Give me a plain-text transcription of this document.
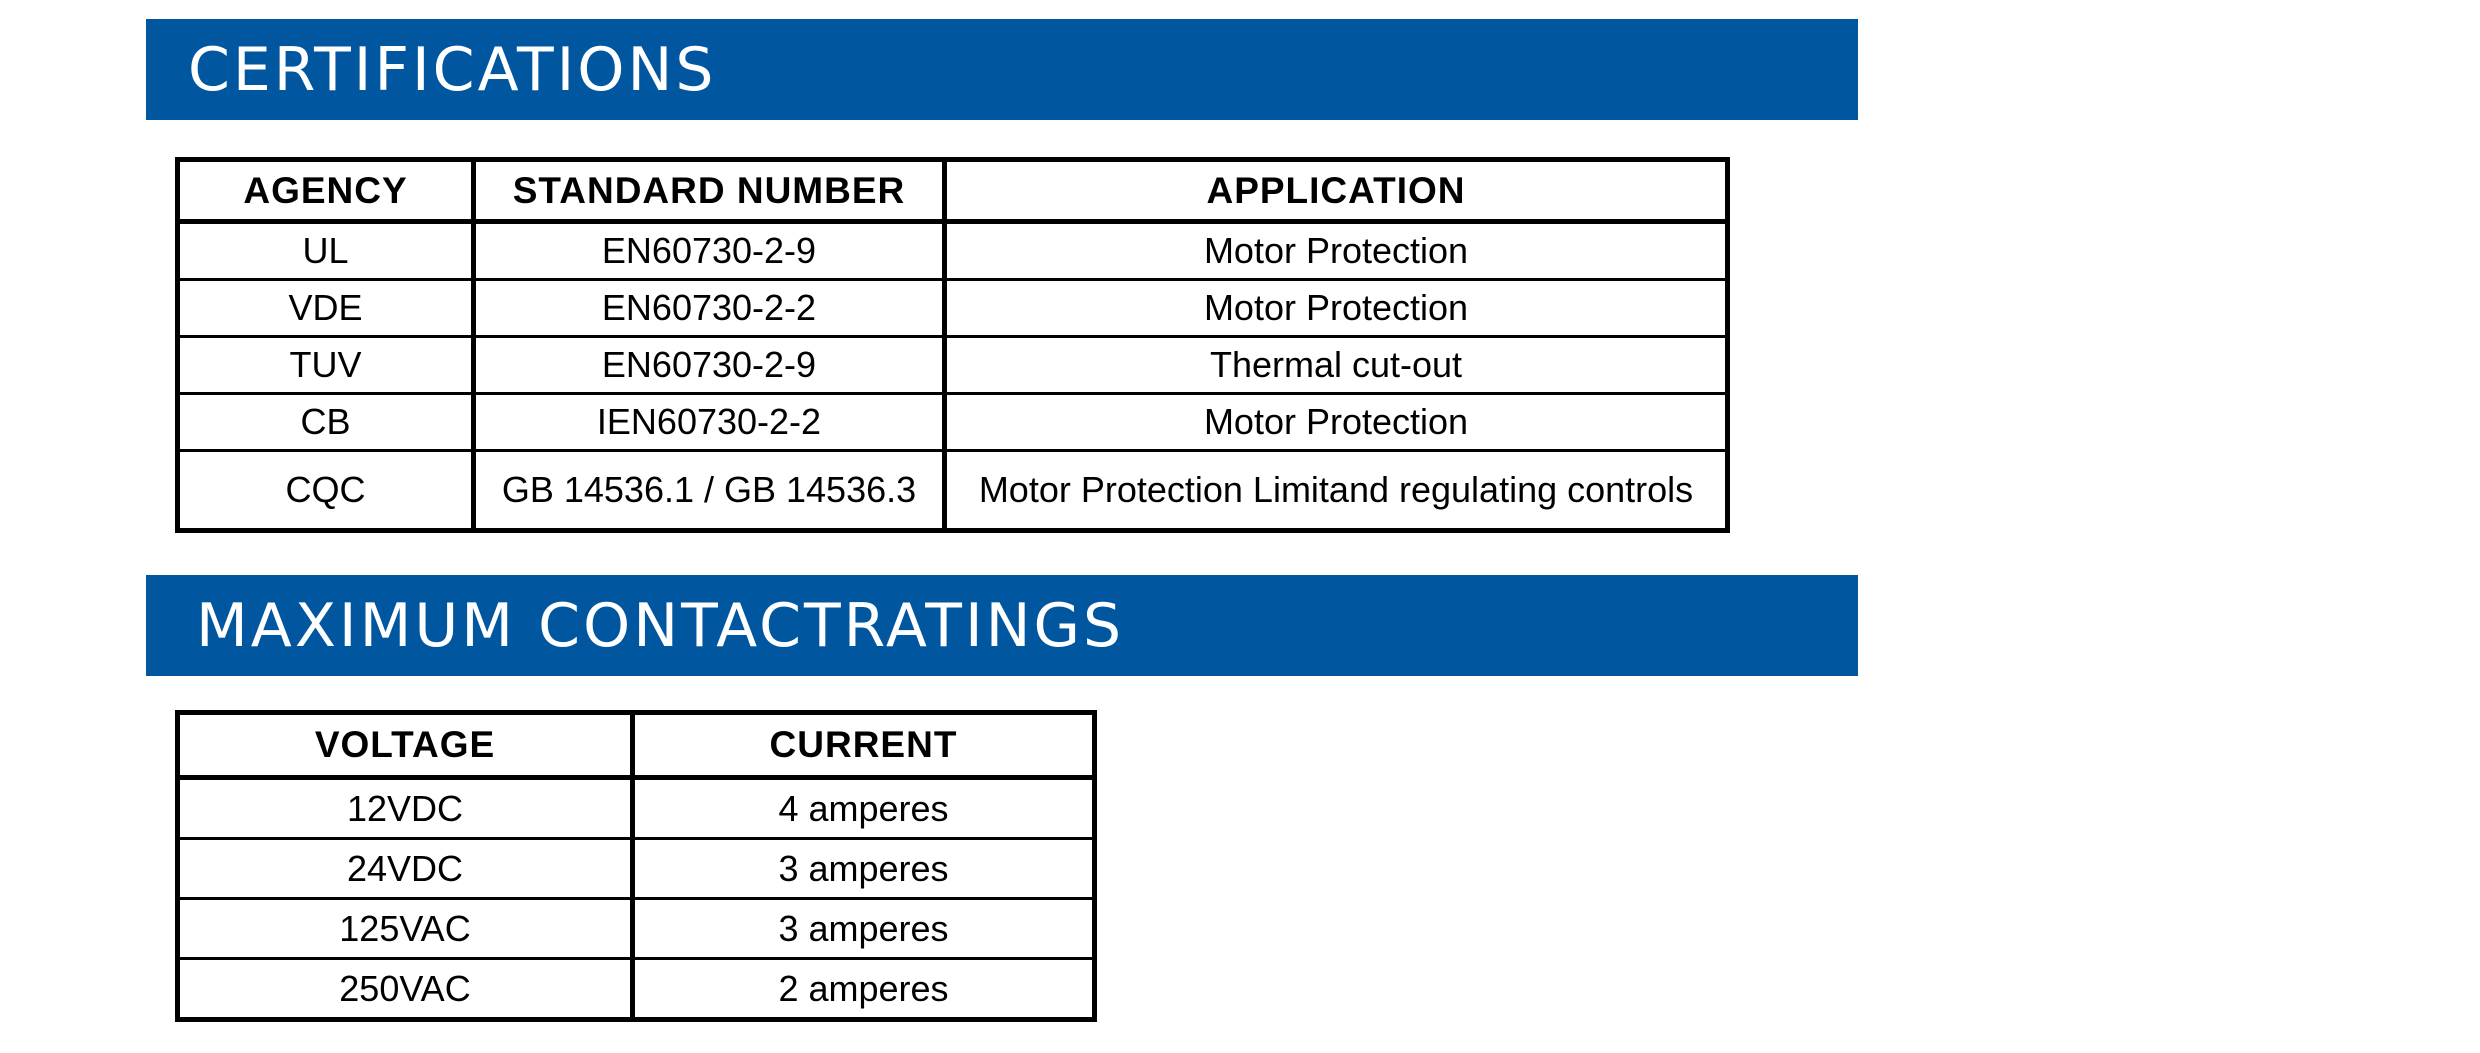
CERTIFICATIONS
AGENCY	STANDARD NUMBER	APPLICATION
UL	EN60730-2-9	Motor Protection
VDE	EN60730-2-2	Motor Protection
TUV	EN60730-2-9	Thermal cut-out
CB	IEN60730-2-2	Motor Protection
CQC	GB 14536.1 / GB 14536.3	Motor Protection Limitand regulating controls
MAXIMUM CONTACTRATINGS
VOLTAGE	CURRENT
12VDC	4 amperes
24VDC	3 amperes
125VAC	3 amperes
250VAC	2 amperes
